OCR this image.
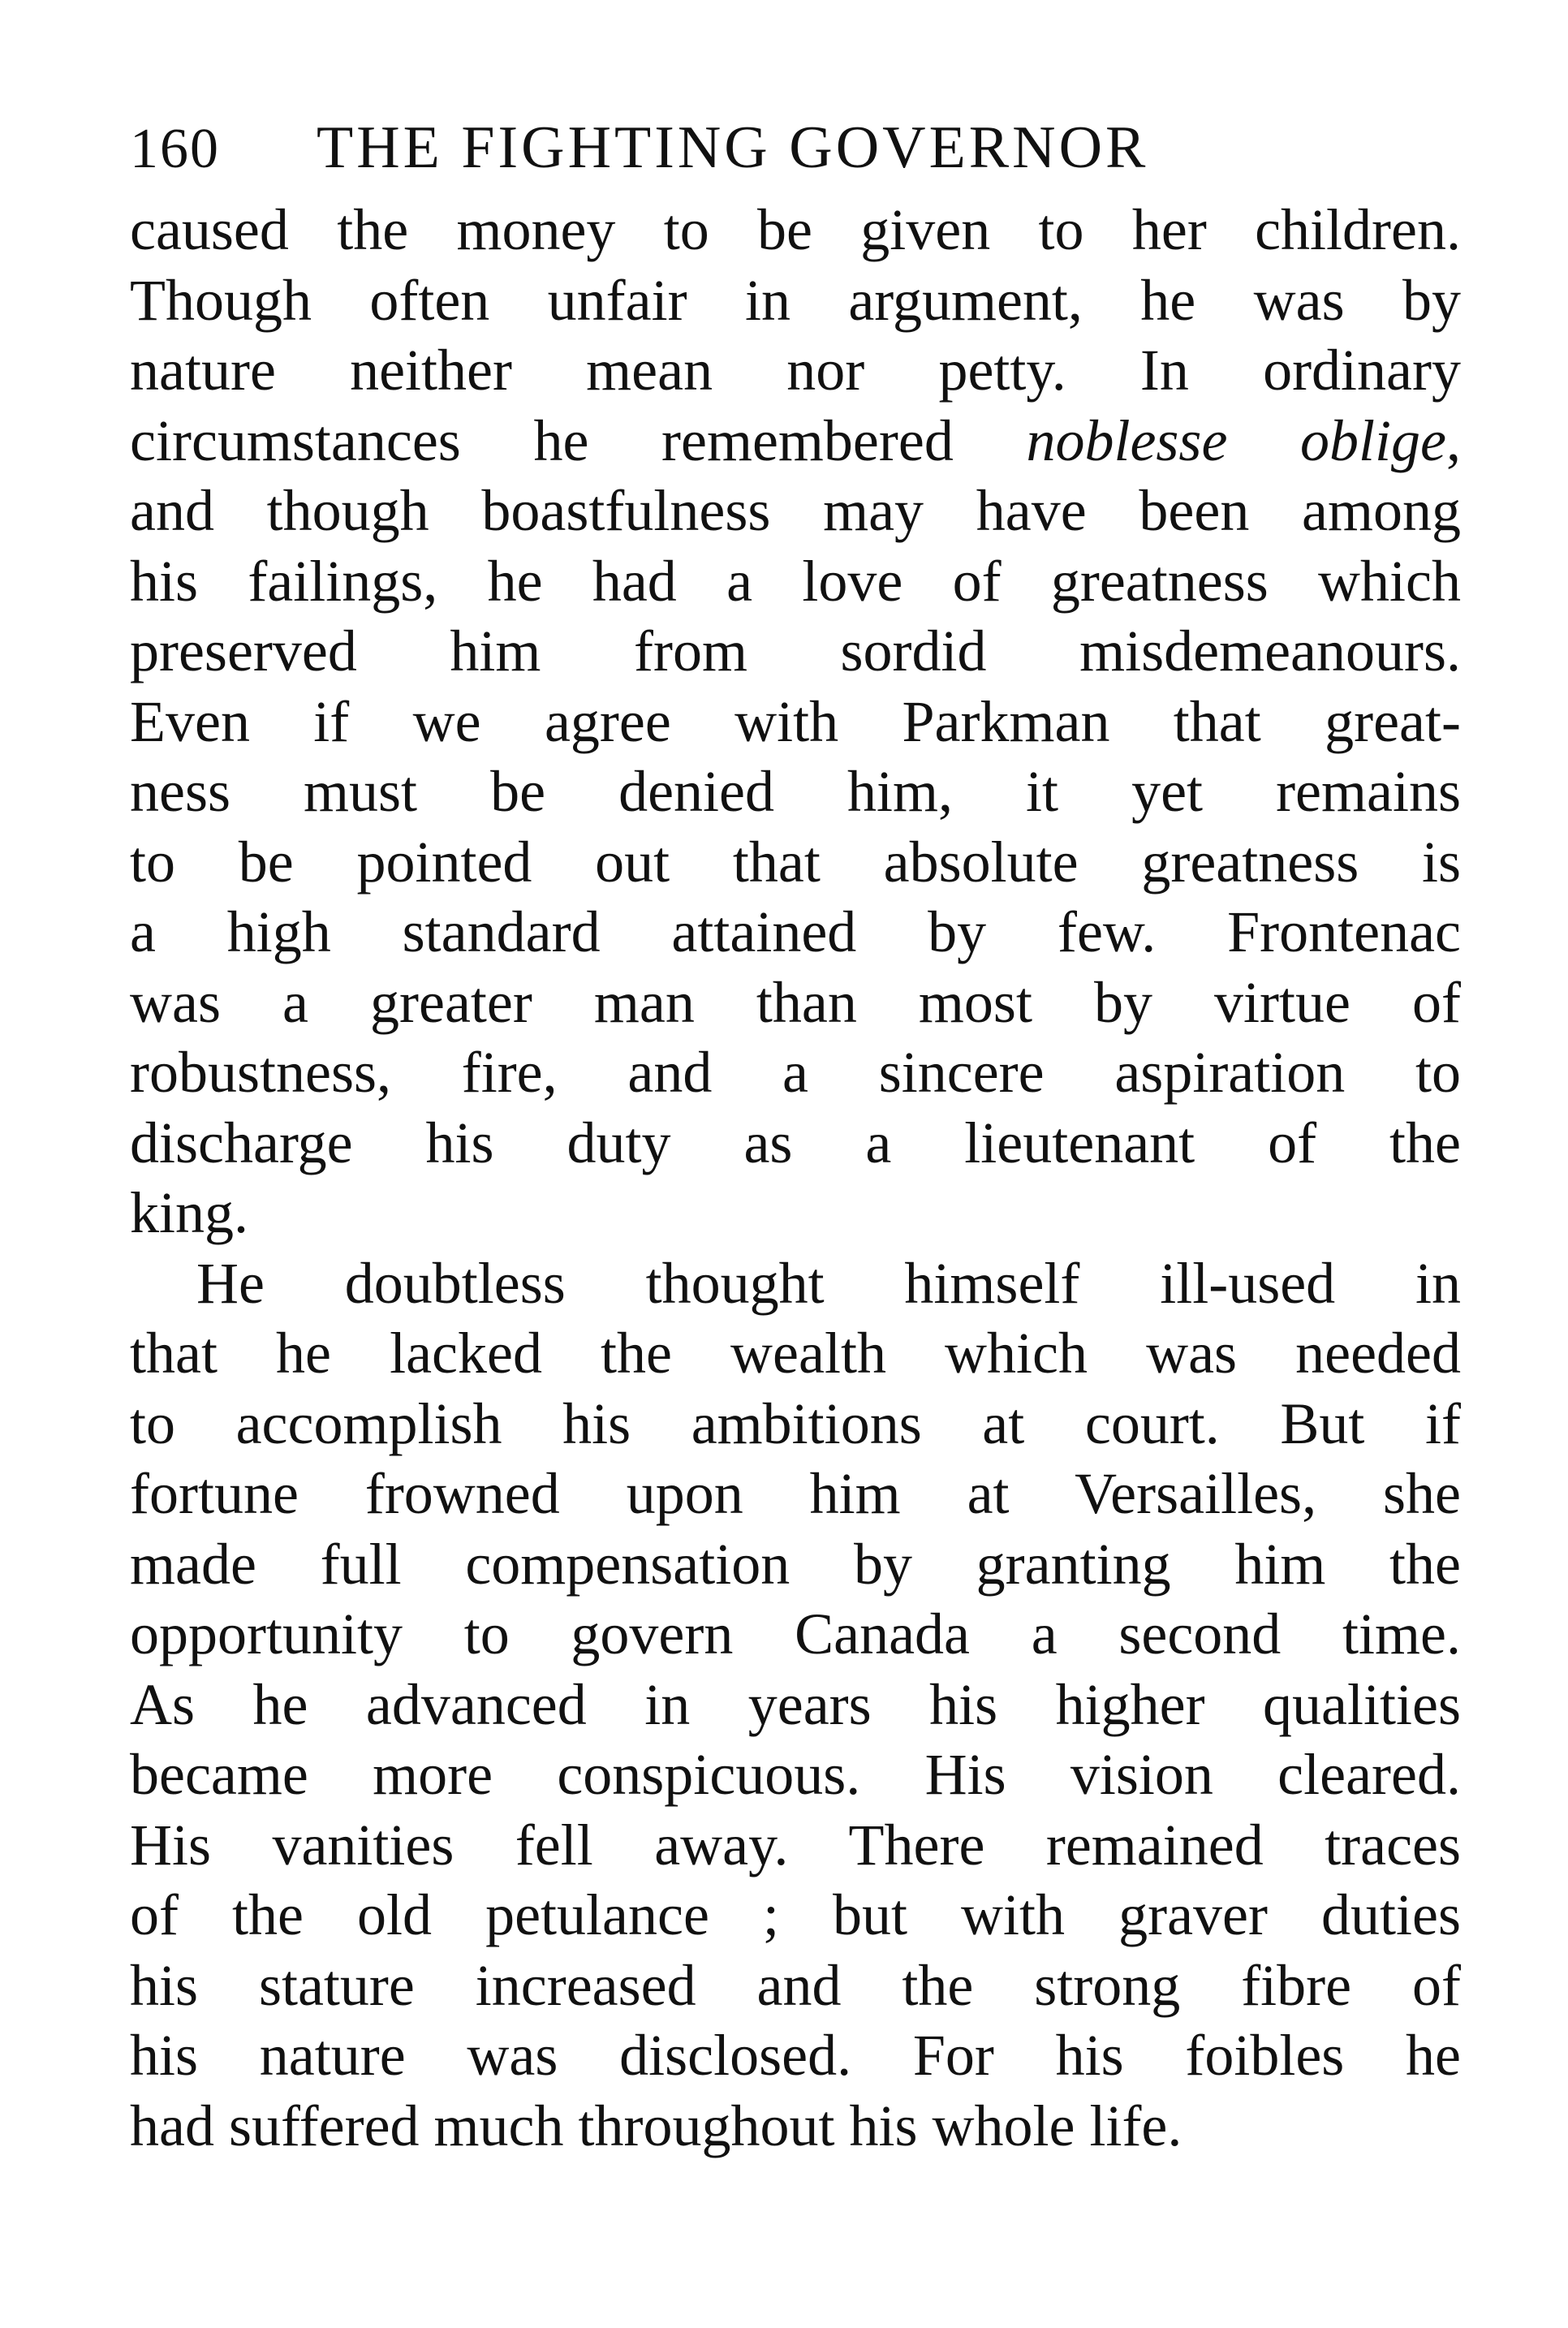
160	THE FIGHTING GOVERNOR
caused the money to be given to her children.
Though often unfair in argument, he was by
nature neither mean nor petty. In ordinary
circumstances he remembered noblesse oblige,
and though boastfulness may have been among
his failings, he had a love of greatness which
preserved him from sordid misdemeanours.
Even if we agree with Parkman that great-
ness must be denied him, it yet remains
to be pointed out that absolute greatness is
a high standard attained by few. Frontenac
was a greater man than most by virtue of
robustness, fire, and a sincere aspiration to
discharge his duty as a lieutenant of the
king.
He doubtless thought himself ill-used in
that he lacked the wealth which was needed
to accomplish his ambitions at court. But if
fortune frowned upon him at Versailles, she
made full compensation by granting him the
opportunity to govern Canada a second time.
As he advanced in years his higher qualities
became more conspicuous. His vision cleared.
His vanities fell away. There remained traces
of the old petulance ; but with graver duties
his stature increased and the strong fibre of
his nature was disclosed. For his foibles he
had suffered much throughout his whole life.
